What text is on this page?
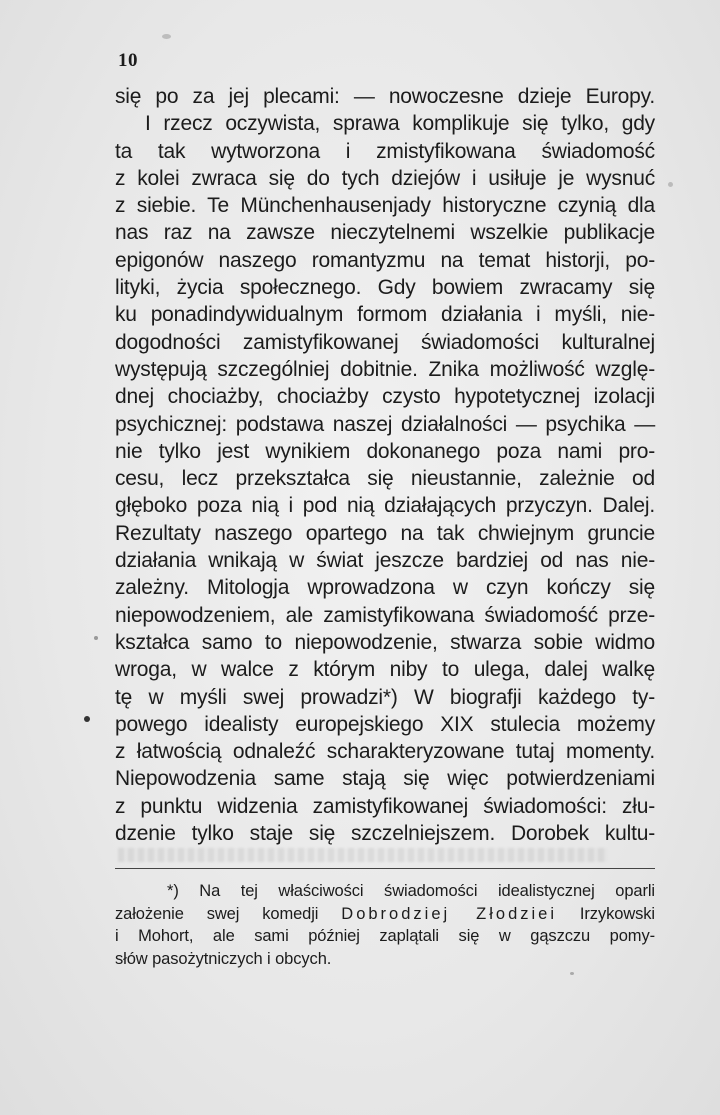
10
się po za jej plecami: — nowoczesne dzieje Europy.
I rzecz oczywista, sprawa komplikuje się tylko, gdy
ta tak wytworzona i zmistyfikowana świadomość
z kolei zwraca się do tych dziejów i usiłuje je wysnuć
z siebie. Te Münchenhausenjady historyczne czynią dla
nas raz na zawsze nieczytelnemi wszelkie publikacje
epigonów naszego romantyzmu na temat historji, po-
lityki, życia społecznego. Gdy bowiem zwracamy się
ku ponadindywidualnym formom działania i myśli, nie-
dogodności zamistyfikowanej świadomości kulturalnej
występują szczególniej dobitnie. Znika możliwość wzglę-
dnej chociażby, chociażby czysto hypotetycznej izolacji
psychicznej: podstawa naszej działalności — psychika —
nie tylko jest wynikiem dokonanego poza nami pro-
cesu, lecz przekształca się nieustannie, zależnie od
głęboko poza nią i pod nią działających przyczyn. Dalej.
Rezultaty naszego opartego na tak chwiejnym gruncie
działania wnikają w świat jeszcze bardziej od nas nie-
zależny. Mitologja wprowadzona w czyn kończy się
niepowodzeniem, ale zamistyfikowana świadomość prze-
kształca samo to niepowodzenie, stwarza sobie widmo
wroga, w walce z którym niby to ulega, dalej walkę
tę w myśli swej prowadzi*) W biografji każdego ty-
powego idealisty europejskiego XIX stulecia możemy
z łatwością odnaleźć scharakteryzowane tutaj momenty.
Niepowodzenia same stają się więc potwierdzeniami
z punktu widzenia zamistyfikowanej świadomości: złu-
dzenie tylko staje się szczelniejszem. Dorobek kultu-
*) Na tej właściwości świadomości idealistycznej oparli
założenie swej komedji Dobrodziej Złodziei Irzykowski
i Mohort, ale sami później zaplątali się w gąszczu pomy-
słów pasożytniczych i obcych.
